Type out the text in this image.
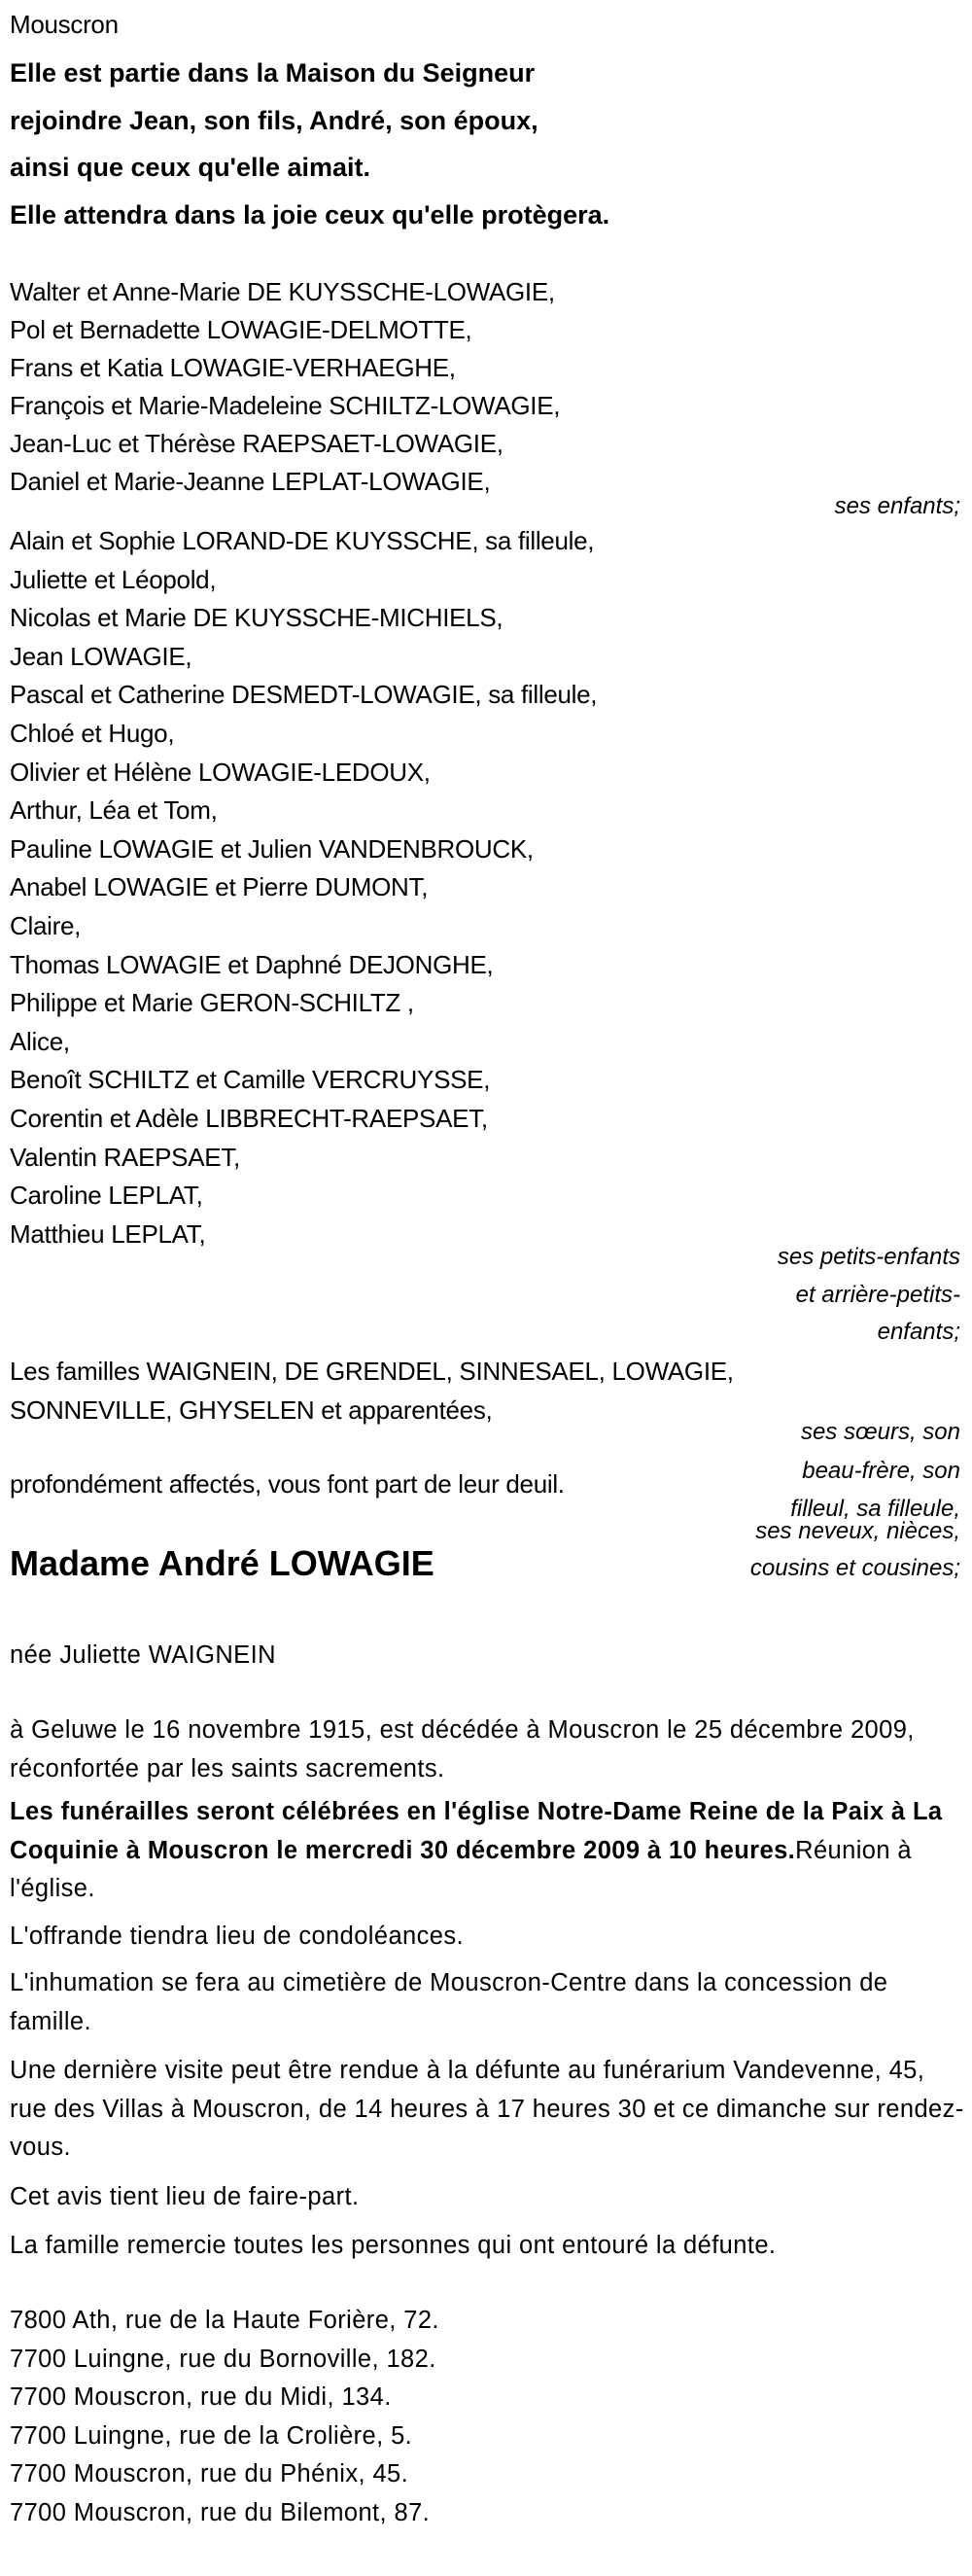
Mouscron
Elle est partie dans la Maison du Seigneur
rejoindre Jean, son fils, André, son époux,
ainsi que ceux qu'elle aimait.
Elle attendra dans la joie ceux qu'elle protègera.
Walter et Anne-Marie DE KUYSSCHE-LOWAGIE,
Pol et Bernadette LOWAGIE-DELMOTTE,
Frans et Katia LOWAGIE-VERHAEGHE,
François et Marie-Madeleine SCHILTZ-LOWAGIE,
Jean-Luc et Thérèse RAEPSAET-LOWAGIE,
Daniel et Marie-Jeanne LEPLAT-LOWAGIE,
ses enfants;
Alain et Sophie LORAND-DE KUYSSCHE, sa filleule,
Juliette et Léopold,
Nicolas et Marie DE KUYSSCHE-MICHIELS,
Jean LOWAGIE,
Pascal et Catherine DESMEDT-LOWAGIE, sa filleule,
Chloé et Hugo,
Olivier et Hélène LOWAGIE-LEDOUX,
Arthur, Léa et Tom,
Pauline LOWAGIE et Julien VANDENBROUCK,
Anabel LOWAGIE et Pierre DUMONT,
Claire,
Thomas LOWAGIE et Daphné DEJONGHE,
Philippe et Marie GERON-SCHILTZ ,
Alice,
Benoît SCHILTZ et Camille VERCRUYSSE,
Corentin et Adèle LIBBRECHT-RAEPSAET,
Valentin RAEPSAET,
Caroline LEPLAT,
Matthieu LEPLAT,
ses petits-enfants
et arrière-petits-
enfants;
Les familles WAIGNEIN, DE GRENDEL, SINNESAEL, LOWAGIE,
SONNEVILLE, GHYSELEN et apparentées,
ses sœurs, son
beau-frère, son
filleul, sa filleule,
ses neveux, nièces,
cousins et cousines;
profondément affectés, vous font part de leur deuil.
Madame André LOWAGIE
née Juliette WAIGNEIN
à Geluwe le 16 novembre 1915, est décédée à Mouscron le 25 décembre 2009, réconfortée par les saints sacrements.
Les funérailles seront célébrées en l'église Notre-Dame Reine de la Paix à La Coquinie à Mouscron le mercredi 30 décembre 2009 à 10 heures.Réunion à l'église.
L'offrande tiendra lieu de condoléances.
L'inhumation se fera au cimetière de Mouscron-Centre dans la concession de famille.
Une dernière visite peut être rendue à la défunte au funérarium Vandevenne, 45, rue des Villas à Mouscron, de 14 heures à 17 heures 30 et ce dimanche sur rendez-vous.
Cet avis tient lieu de faire-part.
La famille remercie toutes les personnes qui ont entouré la défunte.
7800 Ath, rue de la Haute Forière, 72.
7700 Luingne, rue du Bornoville, 182.
7700 Mouscron, rue du Midi, 134.
7700 Luingne, rue de la Crolière, 5.
7700 Mouscron, rue du Phénix, 45.
7700 Mouscron, rue du Bilemont, 87.
